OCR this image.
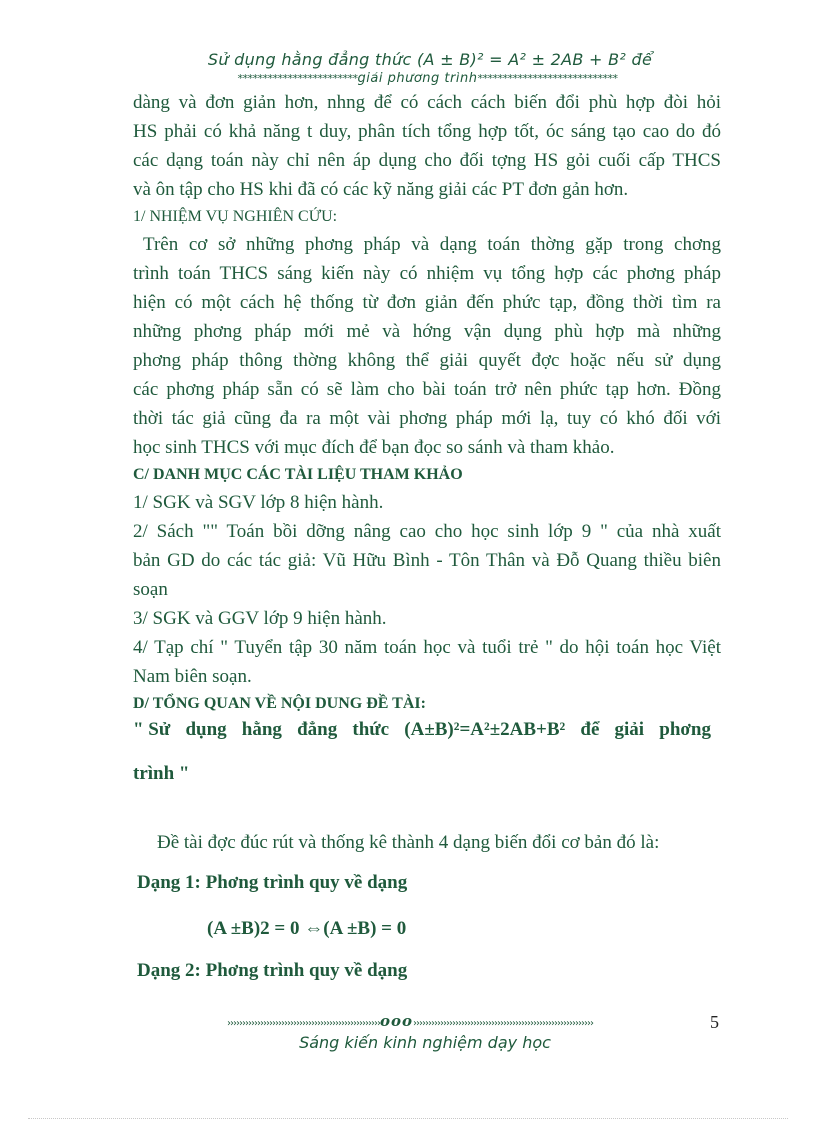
Sử dụng hằng đẳng thức (A ± B)² = A² ± 2AB + B² để
************************giải phương trình****************************

dàng và đơn giản hơn, nhng để có cách cách biến đổi phù hợp đòi hỏi

HS phải có khả năng t duy, phân tích tổng hợp tốt, óc sáng tạo cao do đó

các dạng toán này chỉ nên áp dụng cho đối tợng HS gỏi cuối cấp THCS

và ôn tập cho HS khi đã có các kỹ năng giải các PT đơn gản hơn.

1/ NHIỆM VỤ NGHIÊN CỨU:

Trên cơ sở những phơng pháp và dạng toán thờng gặp trong chơng

trình toán THCS sáng kiến này có nhiệm vụ tổng hợp các phơng pháp

hiện có một cách hệ thống từ đơn giản đến phức tạp, đồng thời tìm ra

những phơng pháp mới mẻ và hớng vận dụng phù hợp mà những

phơng pháp thông thờng không thể giải quyết đợc hoặc nếu sử dụng

các phơng pháp sẵn có sẽ làm cho bài toán trở nên phức tạp hơn. Đồng

thời tác giả cũng đa ra một vài phơng pháp mới lạ, tuy có khó đối với

học sinh THCS với mục đích để bạn đọc so sánh và tham khảo.

C/ DANH MỤC CÁC TÀI LIỆU THAM KHẢO

1/ SGK và SGV lớp 8 hiện hành.

2/ Sách "" Toán bồi dỡng nâng cao cho học sinh lớp 9 " của nhà xuất

bản GD do các tác giả: Vũ Hữu Bình - Tôn Thân và Đỗ Quang thiều biên

soạn

3/ SGK và GGV lớp 9 hiện hành.

4/ Tạp chí " Tuyển tập 30 năm toán học và tuổi trẻ " do hội toán học Việt

Nam biên soạn.

D/ TỔNG QUAN VỀ NỘI DUNG ĐỀ TÀI:

" Sử dụng hằng đẳng thức (A±B)²=A²±2AB+B² để giải phơng
trình "
Đề tài đợc đúc rút và thống kê thành 4 dạng biến đổi cơ bản đó là:
Dạng 1: Phơng trình quy về dạng
(A ±B)2 = 0 ⇔(A ±B) = 0
Dạng 2: Phơng trình quy về dạng
›››››››››››››››››››››››››››››››››››››››››››››››››››ooo››››››››››››››››››››››››››››››››››››››››››››››››››››››››››››	5
Sáng kiến kinh nghiệm dạy học
